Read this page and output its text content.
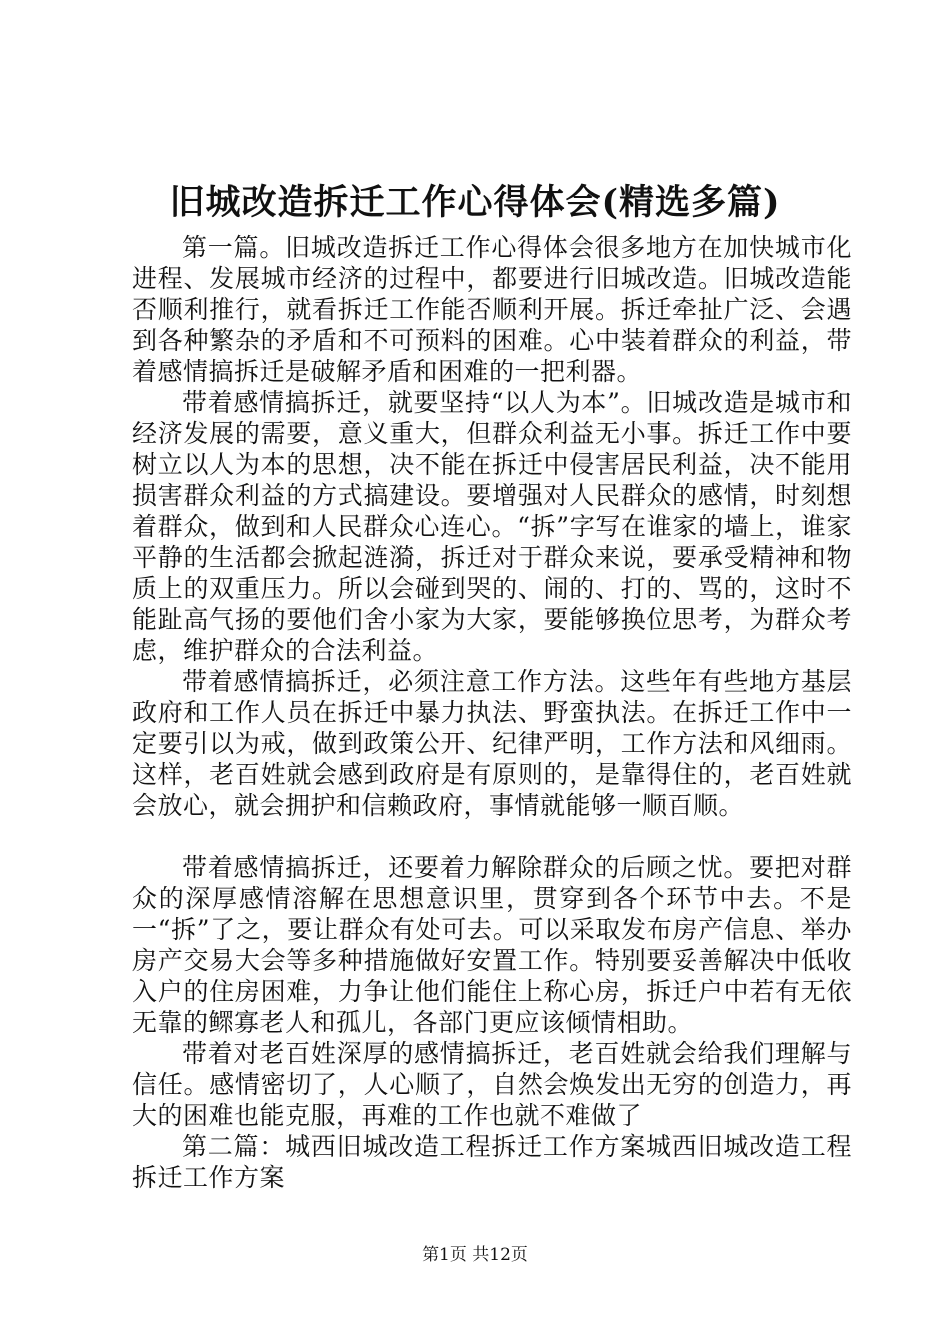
旧城改造拆迁工作心得体会(精选多篇)

第一篇。旧城改造拆迁工作心得体会很多地方在加快城市化进程、发展城市经济的过程中，都要进行旧城改造。旧城改造能否顺利推行，就看拆迁工作能否顺利开展。拆迁牵扯广泛、会遇到各种繁杂的矛盾和不可预料的困难。心中装着群众的利益，带着感情搞拆迁是破解矛盾和困难的一把利器。

带着感情搞拆迁，就要坚持“以人为本”。旧城改造是城市和经济发展的需要，意义重大，但群众利益无小事。拆迁工作中要树立以人为本的思想，决不能在拆迁中侵害居民利益，决不能用损害群众利益的方式搞建设。要增强对人民群众的感情，时刻想着群众，做到和人民群众心连心。“拆”字写在谁家的墙上，谁家平静的生活都会掀起涟漪，拆迁对于群众来说，要承受精神和物质上的双重压力。所以会碰到哭的、闹的、打的、骂的，这时不能趾高气扬的要他们舍小家为大家，要能够换位思考，为群众考虑，维护群众的合法利益。

带着感情搞拆迁，必须注意工作方法。这些年有些地方基层政府和工作人员在拆迁中暴力执法、野蛮执法。在拆迁工作中一定要引以为戒，做到政策公开、纪律严明，工作方法和风细雨。这样，老百姓就会感到政府是有原则的，是靠得住的，老百姓就会放心，就会拥护和信赖政府，事情就能够一顺百顺。

带着感情搞拆迁，还要着力解除群众的后顾之忧。要把对群众的深厚感情溶解在思想意识里，贯穿到各个环节中去。不是一“拆”了之，要让群众有处可去。可以采取发布房产信息、举办房产交易大会等多种措施做好安置工作。特别要妥善解决中低收入户的住房困难，力争让他们能住上称心房，拆迁户中若有无依无靠的鳏寡老人和孤儿，各部门更应该倾情相助。

带着对老百姓深厚的感情搞拆迁，老百姓就会给我们理解与信任。感情密切了，人心顺了，自然会焕发出无穷的创造力，再大的困难也能克服，再难的工作也就不难做了

第二篇：城西旧城改造工程拆迁工作方案城西旧城改造工程拆迁工作方案

第1页 共12页
